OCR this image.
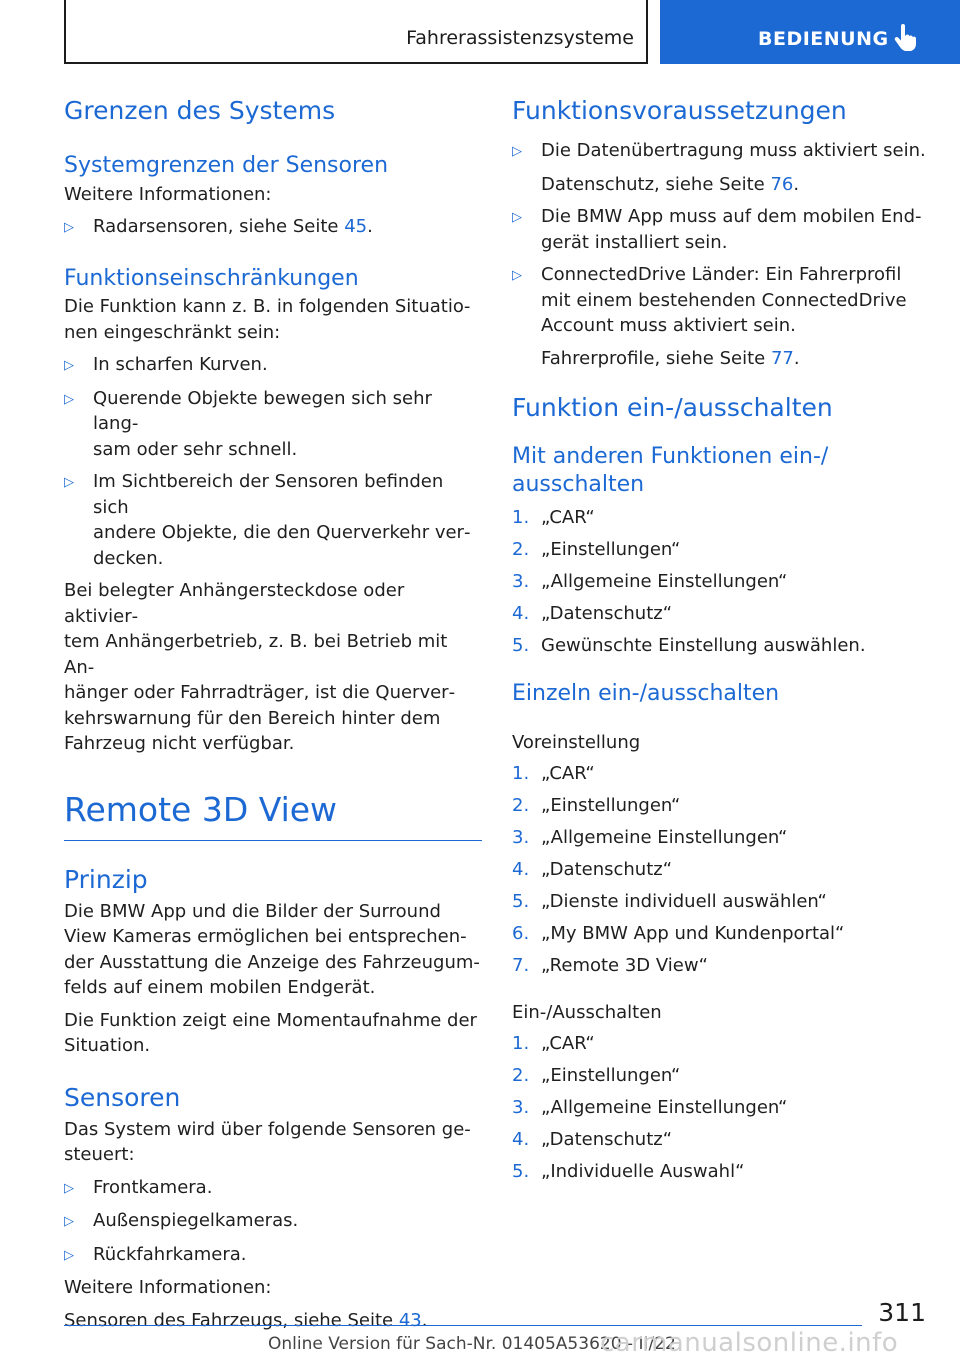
Fahrerassistenzsysteme	BEDIENUNG
Grenzen des Systems
Systemgrenzen der Sensoren

Weitere Informationen:

▷	Radarsensoren, siehe Seite 45.
Funktionseinschränkungen

Die Funktion kann z. B. in folgenden Situatio‐
nen eingeschränkt sein:

▷	In scharfen Kurven.
▷	Querende Objekte bewegen sich sehr lang‐
sam oder sehr schnell.
▷	Im Sichtbereich der Sensoren befinden sich
andere Objekte, die den Querverkehr ver‐
decken.

Bei belegter Anhängersteckdose oder aktivier‐
tem Anhängerbetrieb, z. B. bei Betrieb mit An‐
hänger oder Fahrradträger, ist die Querver‐
kehrswarnung für den Bereich hinter dem
Fahrzeug nicht verfügbar.

Remote 3D View
Prinzip

Die BMW App und die Bilder der Surround
View Kameras ermöglichen bei entsprechen‐
der Ausstattung die Anzeige des Fahrzeugum‐
felds auf einem mobilen Endgerät.

Die Funktion zeigt eine Momentaufnahme der
Situation.

Sensoren

Das System wird über folgende Sensoren ge‐
steuert:

▷	Frontkamera.
▷	Außenspiegelkameras.
▷	Rückfahrkamera.

Weitere Informationen:

Sensoren des Fahrzeugs, siehe Seite 43.

Funktionsvoraussetzungen
▷	Die Datenübertragung muss aktiviert sein.

Datenschutz, siehe Seite 76.

▷	Die BMW App muss auf dem mobilen End‐
gerät installiert sein.
▷	ConnectedDrive Länder: Ein Fahrerprofil
mit einem bestehenden ConnectedDrive
Account muss aktiviert sein.

Fahrerprofile, siehe Seite 77.

Funktion ein-/ausschalten
Mit anderen Funktionen ein-/
ausschalten
1. „CAR“
2. „Einstellungen“
3. „Allgemeine Einstellungen“
4. „Datenschutz“
5. Gewünschte Einstellung auswählen.
Einzeln ein-/ausschalten

Voreinstellung

1. „CAR“
2. „Einstellungen“
3. „Allgemeine Einstellungen“
4. „Datenschutz“
5. „Dienste individuell auswählen“
6. „My BMW App und Kundenportal“
7. „Remote 3D View“

Ein-/Ausschalten

1. „CAR“
2. „Einstellungen“
3. „Allgemeine Einstellungen“
4. „Datenschutz“
5. „Individuelle Auswahl“
311
Online Version für Sach-Nr. 01405A53620 - II/22
carmanualsonline.info
